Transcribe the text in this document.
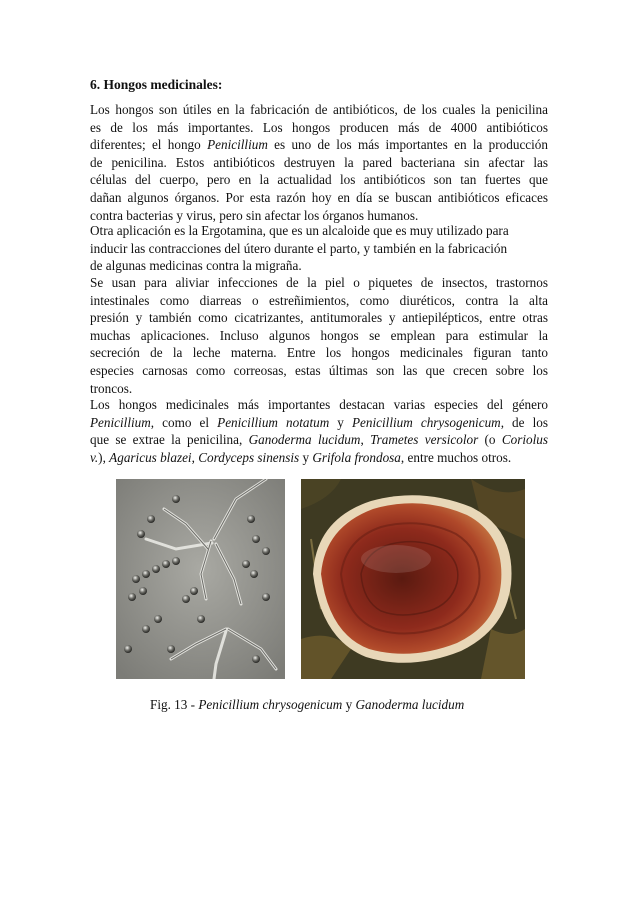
6. Hongos medicinales:

Los hongos son útiles en la fabricación de antibióticos, de los cuales la penicilina
es de los más importantes. Los hongos producen más de 4000 antibióticos
diferentes; el hongo Penicillium es uno de los más importantes en la producción
de penicilina. Estos antibióticos destruyen la pared bacteriana sin afectar las
células del cuerpo, pero en la actualidad los antibióticos son tan fuertes que
dañan algunos órganos. Por esta razón hoy en día se buscan antibióticos eficaces
contra bacterias y virus, pero sin afectar los órganos humanos.

Otra aplicación es la Ergotamina, que es un alcaloide que es muy utilizado para
inducir las contracciones del útero durante el parto, y también en la fabricación
de algunas medicinas contra la migraña.

Se usan para aliviar infecciones de la piel o piquetes de insectos, trastornos
intestinales como diarreas o estreñimientos, como diuréticos, contra la alta
presión y también como cicatrizantes, antitumorales y antiepilépticos, entre otras
muchas aplicaciones. Incluso algunos hongos se emplean para estimular la
secreción de la leche materna. Entre los hongos medicinales figuran tanto
especies carnosas como correosas, estas últimas son las que crecen sobre los
troncos.

Los hongos medicinales más importantes destacan varias especies del género
Penicillium, como el Penicillium notatum y Penicillium chrysogenicum, de los
que se extrae la penicilina, Ganoderma lucidum, Trametes versicolor (o Coriolus
v.), Agaricus blazei, Cordyceps sinensis y Grifola frondosa, entre muchos otros.

Fig. 13 - Penicillium chrysogenicum y Ganoderma lucidum
